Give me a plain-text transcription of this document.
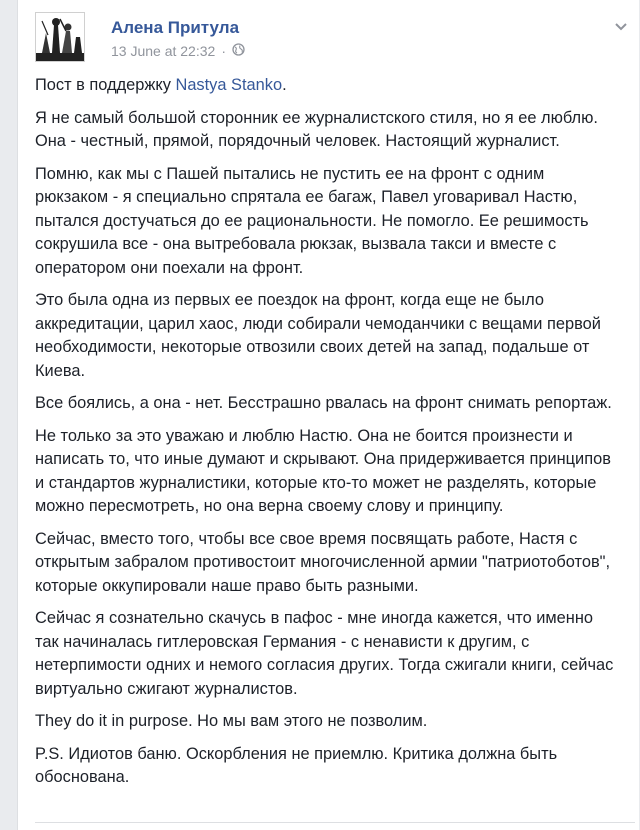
Алена Притула
13 June at 22:32 ·

Пост в поддержку Nastya Stanko.

Я не самый большой сторонник ее журналистского стиля, но я ее люблю. Она - честный, прямой, порядочный человек. Настоящий журналист.

Помню, как мы с Пашей пытались не пустить ее на фронт с одним рюкзаком - я специально спрятала ее багаж, Павел уговаривал Настю, пытался достучаться до ее рациональности. Не помогло. Ее решимость сокрушила все - она вытребовала рюкзак, вызвала такси и вместе с оператором они поехали на фронт.

Это была одна из первых ее поездок на фронт, когда еще не было аккредитации, царил хаос, люди собирали чемоданчики с вещами первой необходимости, некоторые отвозили своих детей на запад, подальше от Киева.

Все боялись, а она - нет. Бесстрашно рвалась на фронт снимать репортаж.

Не только за это уважаю и люблю Настю. Она не боится произнести и написать то, что иные думают и скрывают. Она придерживается принципов и стандартов журналистики, которые кто-то может не разделять, которые можно пересмотреть, но она верна своему слову и принципу.

Сейчас, вместо того, чтобы все свое время посвящать работе, Настя с открытым забралом противостоит многочисленной армии "патриотоботов", которые оккупировали наше право быть разными.

Сейчас я сознательно скачусь в пафос - мне иногда кажется, что именно так начиналась гитлеровская Германия - с ненависти к другим, с нетерпимости одних и немого согласия других. Тогда сжигали книги, сейчас виртуально сжигают журналистов.

They do it in purpose. Но мы вам этого не позволим.

P.S. Идиотов баню. Оскорбления не приемлю. Критика должна быть обоснована.
